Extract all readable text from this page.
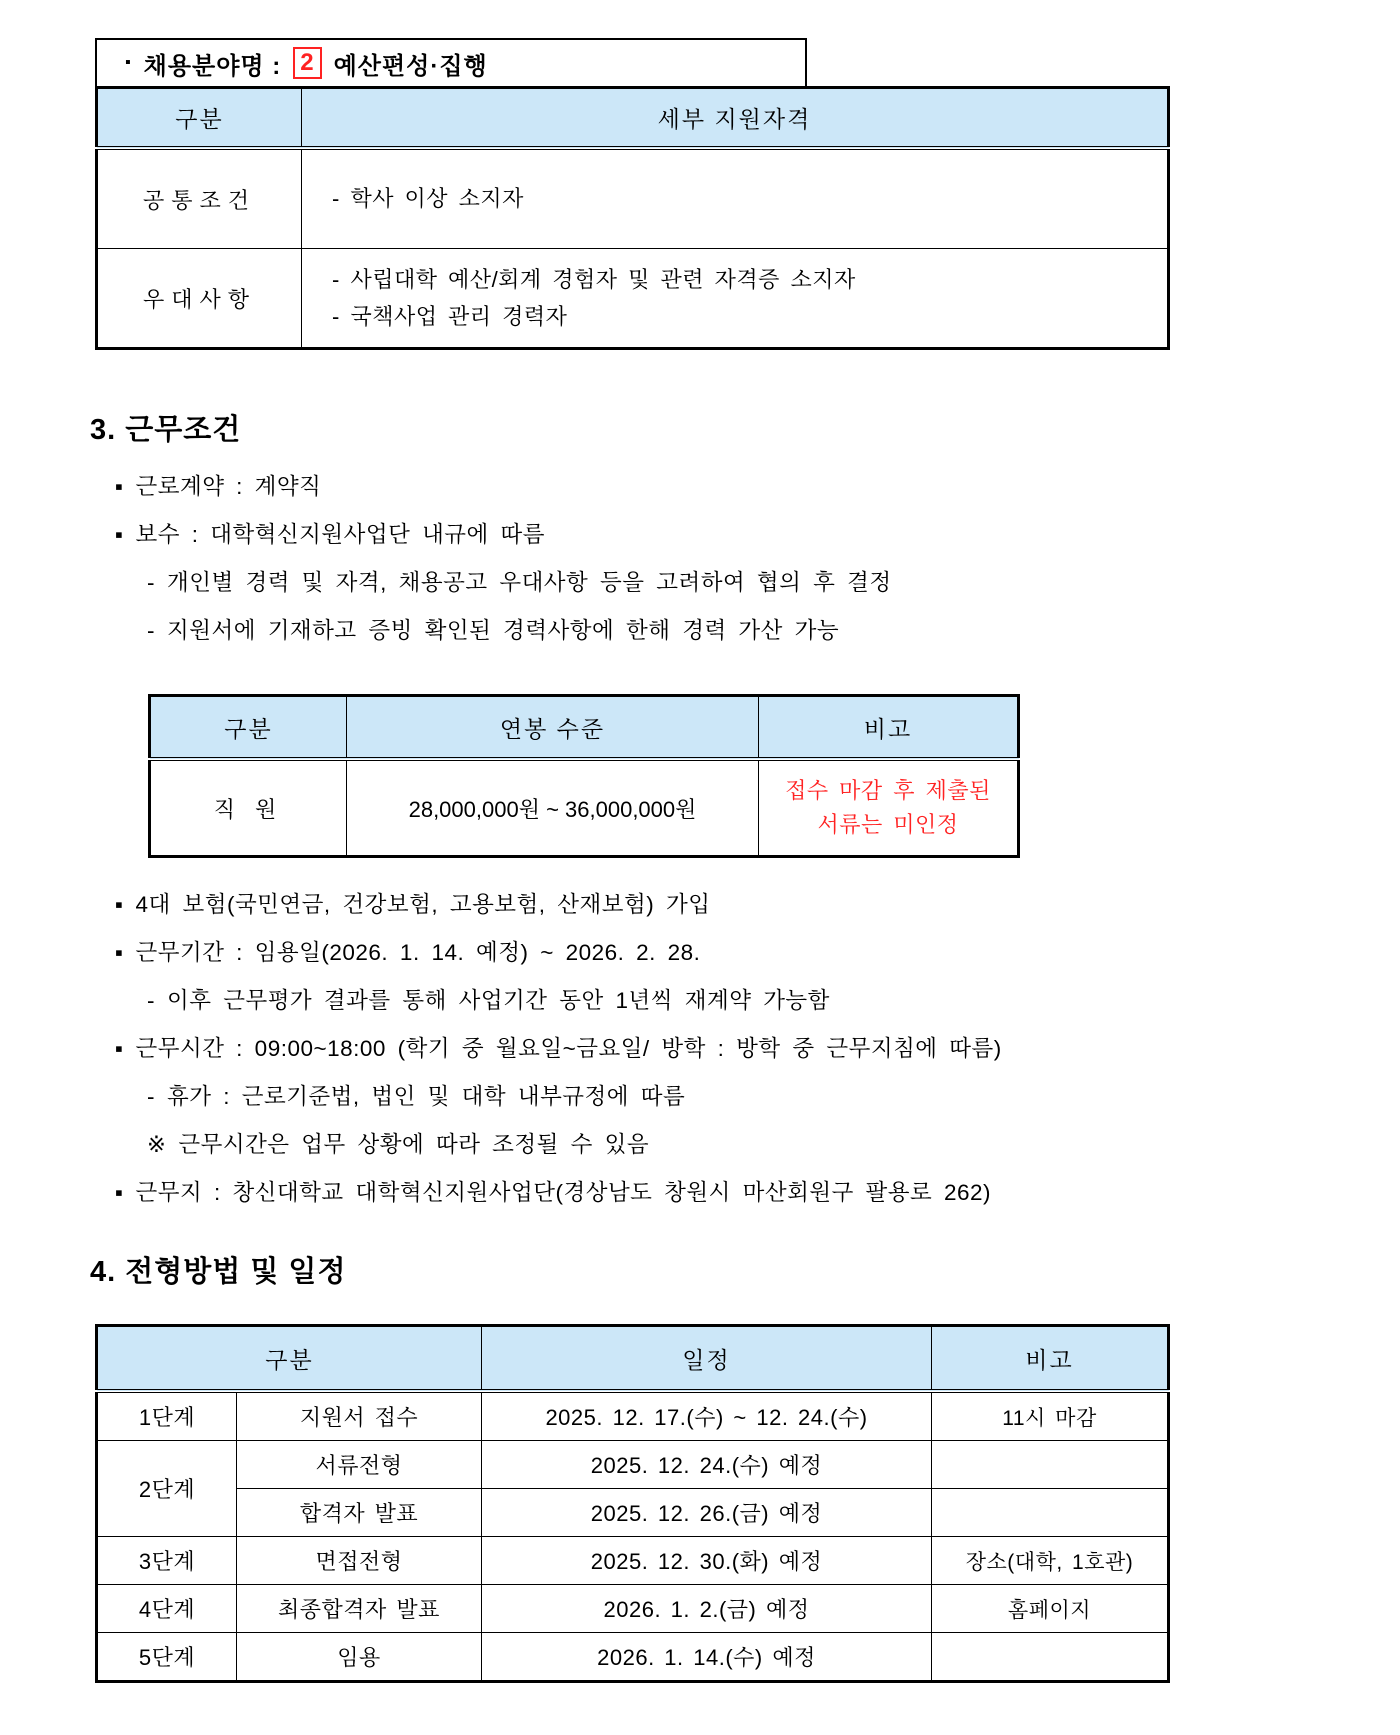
▪ 채용분야명 : 2 예산편성·집행
구분	세부 지원자격
공통조건	- 학사 이상 소지자

우대사항	- 사립대학 예산/회계 경험자 및 관련 자격증 소지자
- 국책사업 관리 경력자
3. 근무조건
▪ 근로계약 : 계약직
▪ 보수 : 대학혁신지원사업단 내규에 따름
- 개인별 경력 및 자격, 채용공고 우대사항 등을 고려하여 협의 후 결정
- 지원서에 기재하고 증빙 확인된 경력사항에 한해 경력 가산 가능
구분	연봉 수준	비고
직 원	28,000,000원 ~ 36,000,000원	접수 마감 후 제출된
서류는 미인정
▪ 4대 보험(국민연금, 건강보험, 고용보험, 산재보험) 가입
▪ 근무기간 : 임용일(2026. 1. 14. 예정) ~ 2026. 2. 28.
- 이후 근무평가 결과를 통해 사업기간 동안 1년씩 재계약 가능함
▪ 근무시간 : 09:00~18:00 (학기 중 월요일~금요일/ 방학 : 방학 중 근무지침에 따름)
- 휴가 : 근로기준법, 법인 및 대학 내부규정에 따름
※ 근무시간은 업무 상황에 따라 조정될 수 있음
▪ 근무지 : 창신대학교 대학혁신지원사업단(경상남도 창원시 마산회원구 팔용로 262)
4. 전형방법 및 일정
구분		일정	비고
1단계	지원서 접수	2025. 12. 17.(수) ~ 12. 24.(수)	11시 마감
2단계	서류전형	2025. 12. 24.(수) 예정	
	합격자 발표	2025. 12. 26.(금) 예정	
3단계	면접전형	2025. 12. 30.(화) 예정	장소(대학, 1호관)
4단계	최종합격자 발표	2026. 1. 2.(금) 예정	홈페이지
5단계	임용	2026. 1. 14.(수) 예정	
